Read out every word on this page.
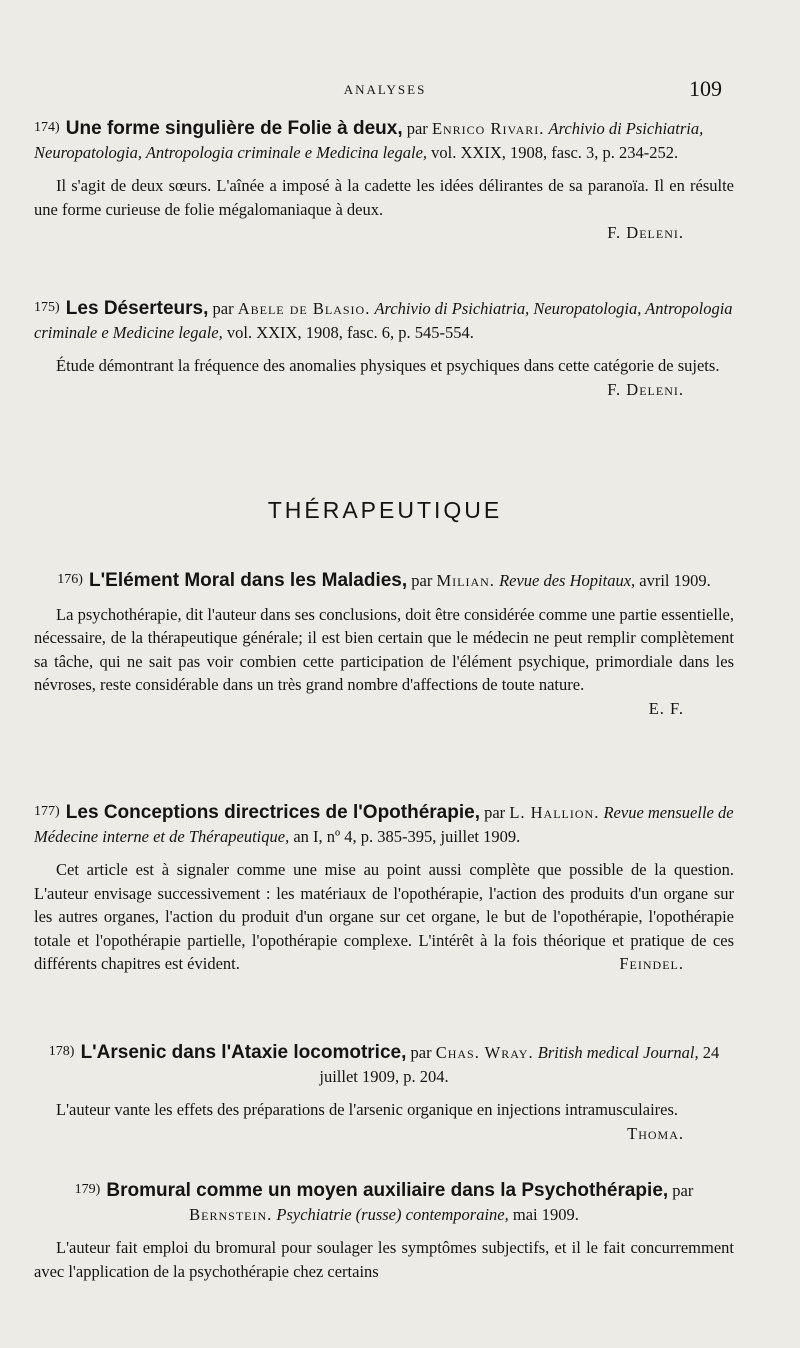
ANALYSES	109
174) Une forme singulière de Folie à deux, par Enrico Rivari. Archivio di Psichiatria, Neuropatologia, Antropologia criminale e Medicina legale, vol. XXIX, 1908, fasc. 3, p. 234-252.

Il s'agit de deux sœurs. L'aînée a imposé à la cadette les idées délirantes de sa paranoïa. Il en résulte une forme curieuse de folie mégalomaniaque à deux.

F. Deleni.
175) Les Déserteurs, par Abele de Blasio. Archivio di Psichiatria, Neuropatologia, Antropologia criminale e Medicine legale, vol. XXIX, 1908, fasc. 6, p. 545-554.

Étude démontrant la fréquence des anomalies physiques et psychiques dans cette catégorie de sujets.
F. Deleni.

THÉRAPEUTIQUE
176) L'Elément Moral dans les Maladies, par Milian. Revue des Hopitaux, avril 1909.

La psychothérapie, dit l'auteur dans ses conclusions, doit être considérée comme une partie essentielle, nécessaire, de la thérapeutique générale; il est bien certain que le médecin ne peut remplir complètement sa tâche, qui ne sait pas voir combien cette participation de l'élément psychique, primordiale dans les névroses, reste considérable dans un très grand nombre d'affections de toute nature.

E. F.
177) Les Conceptions directrices de l'Opothérapie, par L. Hallion. Revue mensuelle de Médecine interne et de Thérapeutique, an I, nº 4, p. 385-395, juillet 1909.

Cet article est à signaler comme une mise au point aussi complète que possible de la question. L'auteur envisage successivement : les matériaux de l'opothérapie, l'action des produits d'un organe sur les autres organes, l'action du produit d'un organe sur cet organe, le but de l'opothérapie, l'opothérapie totale et l'opothérapie partielle, l'opothérapie complexe. L'intérêt à la fois théorique et pratique de ces différents chapitres est évident.	Feindel.

178) L'Arsenic dans l'Ataxie locomotrice, par Chas. Wray. British medical Journal, 24 juillet 1909, p. 204.

L'auteur vante les effets des préparations de l'arsenic organique en injections intramusculaires.
Thoma.

179) Bromural comme un moyen auxiliaire dans la Psychothérapie, par Bernstein. Psychiatrie (russe) contemporaine, mai 1909.

L'auteur fait emploi du bromural pour soulager les symptômes subjectifs, et il le fait concurremment avec l'application de la psychothérapie chez certains
